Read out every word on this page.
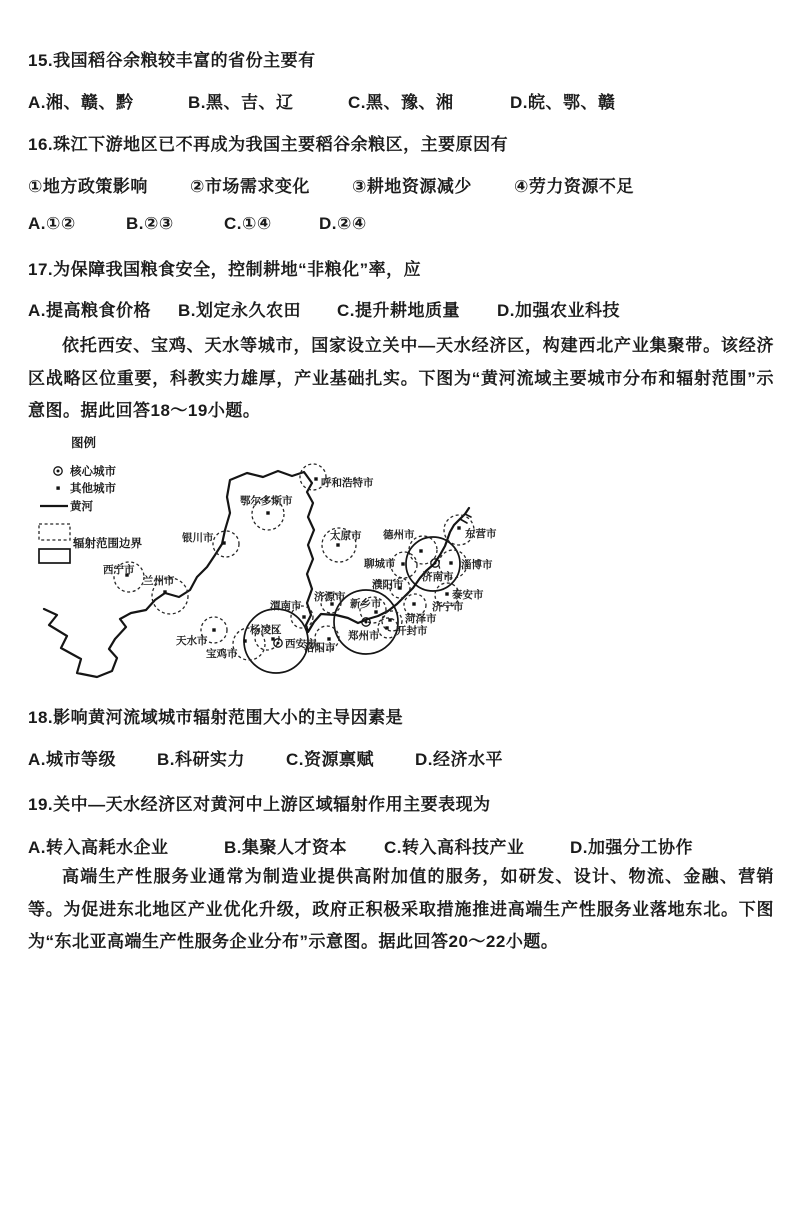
15.我国稻谷余粮较丰富的省份主要有
A.湘、赣、黔	B.黑、吉、辽	C.黑、豫、湘	D.皖、鄂、赣
16.珠江下游地区已不再成为我国主要稻谷余粮区，主要原因有
①地方政策影响 ②市场需求变化 ③耕地资源减少 ④劳力资源不足
A.①②	B.②③	C.①④	D.②④
17.为保障我国粮食安全，控制耕地“非粮化”率，应
A.提高粮食价格 B.划定永久农田 C.提升耕地质量 D.加强农业科技
依托西安、宝鸡、天水等城市，国家设立关中—天水经济区，构建西北产业集聚带。该经济区战略区位重要，科教实力雄厚，产业基础扎实。下图为“黄河流域主要城市分布和辐射范围”示意图。据此回答18～19小题。
图例
核心城市
其他城市
黄河
辐射范围边界
西宁市
兰州市
天水市
宝鸡市
杨凌区
西安市
渭南市
银川市
鄂尔多斯市
呼和浩特市
太原市
济源市
洛阳市
郑州市
新乡市
濮阳市
聊城市
德州市	东营市
淄博市
济南市
泰安市
济宁市
菏泽市
开封市
18.影响黄河流域城市辐射范围大小的主导因素是
A.城市等级 B.科研实力 C.资源禀赋 D.经济水平
19.关中—天水经济区对黄河中上游区域辐射作用主要表现为
A.转入高耗水企业	B.集聚人才资本 C.转入高科技产业	D.加强分工协作
高端生产性服务业通常为制造业提供高附加值的服务，如研发、设计、物流、金融、营销等。为促进东北地区产业优化升级，政府正积极采取措施推进高端生产性服务业落地东北。下图为“东北亚高端生产性服务企业分布”示意图。据此回答20～22小题。
